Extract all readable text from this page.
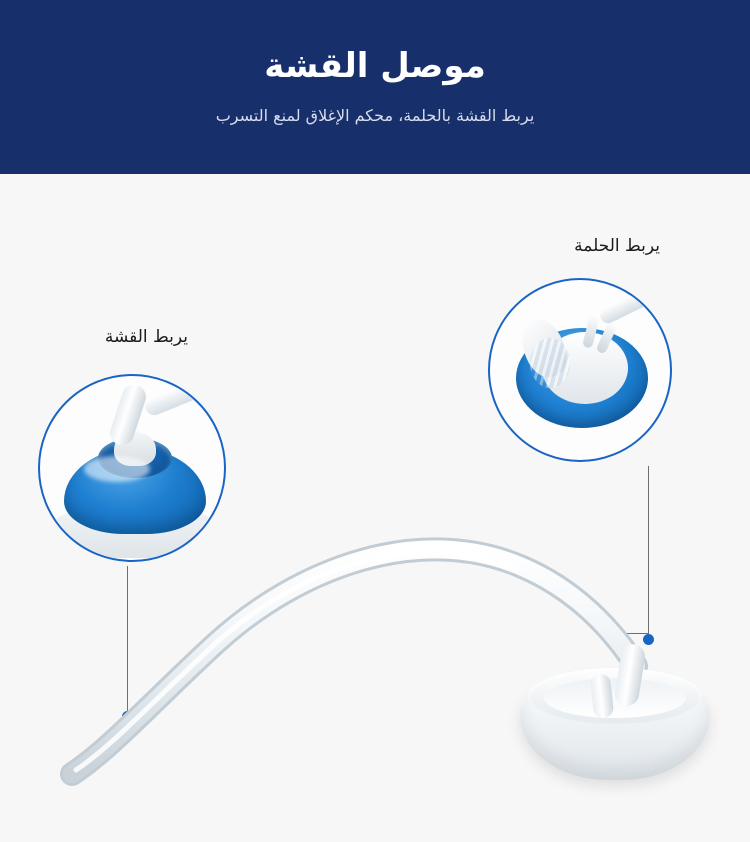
موصل القشة
يربط القشة بالحلمة، محكم الإغلاق لمنع التسرب
يربط القشة
يربط الحلمة
